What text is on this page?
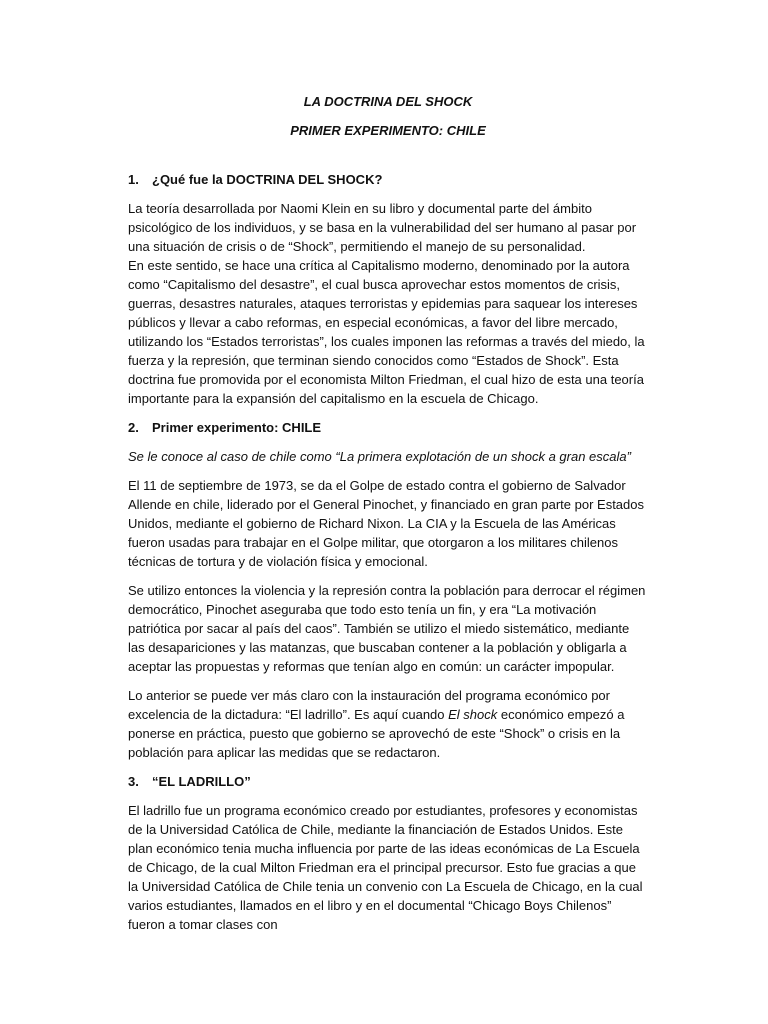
LA DOCTRINA DEL SHOCK

PRIMER EXPERIMENTO: CHILE

1.	¿Qué fue la DOCTRINA DEL SHOCK?

La teoría desarrollada por Naomi Klein en su libro y documental parte del ámbito psicológico de los individuos, y se basa en la vulnerabilidad del ser humano al pasar por una situación de crisis o de “Shock”, permitiendo el manejo de su personalidad.

En este sentido, se hace una crítica al Capitalismo moderno, denominado por la autora como “Capitalismo del desastre”, el cual busca aprovechar estos momentos de crisis, guerras, desastres naturales, ataques terroristas y epidemias para saquear los intereses públicos y llevar a cabo reformas, en especial económicas, a favor del libre mercado, utilizando los “Estados terroristas”, los cuales imponen las reformas a través del miedo, la fuerza y la represión, que terminan siendo conocidos como “Estados de Shock”. Esta doctrina fue promovida por el economista Milton Friedman, el cual hizo de esta una teoría importante para la expansión del capitalismo en la escuela de Chicago.

2.	Primer experimento: CHILE

Se le conoce al caso de chile como “La primera explotación de un shock a gran escala”

El 11 de septiembre de 1973, se da el Golpe de estado contra el gobierno de Salvador Allende en chile, liderado por el General Pinochet, y financiado en gran parte por Estados Unidos, mediante el gobierno de Richard Nixon. La CIA y la Escuela de las Américas fueron usadas para trabajar en el Golpe militar, que otorgaron a los militares chilenos técnicas de tortura y de violación física y emocional.

Se utilizo entonces la violencia y la represión contra la población para derrocar el régimen democrático, Pinochet aseguraba que todo esto tenía un fin, y era “La motivación patriótica por sacar al país del caos”. También se utilizo el miedo sistemático, mediante las desapariciones y las matanzas, que buscaban contener a la población y obligarla a aceptar las propuestas y reformas que tenían algo en común: un carácter impopular.

Lo anterior se puede ver más claro con la instauración del programa económico por excelencia de la dictadura: “El ladrillo”. Es aquí cuando El shock económico empezó a ponerse en práctica, puesto que gobierno se aprovechó de este “Shock” o crisis en la población para aplicar las medidas que se redactaron.

3.	“EL LADRILLO”

El ladrillo fue un programa económico creado por estudiantes, profesores y economistas de la Universidad Católica de Chile, mediante la financiación de Estados Unidos. Este plan económico tenia mucha influencia por parte de las ideas económicas de La Escuela de Chicago, de la cual Milton Friedman era el principal precursor. Esto fue gracias a que la Universidad Católica de Chile tenia un convenio con La Escuela de Chicago, en la cual varios estudiantes, llamados en el libro y en el documental “Chicago Boys Chilenos” fueron a tomar clases con
